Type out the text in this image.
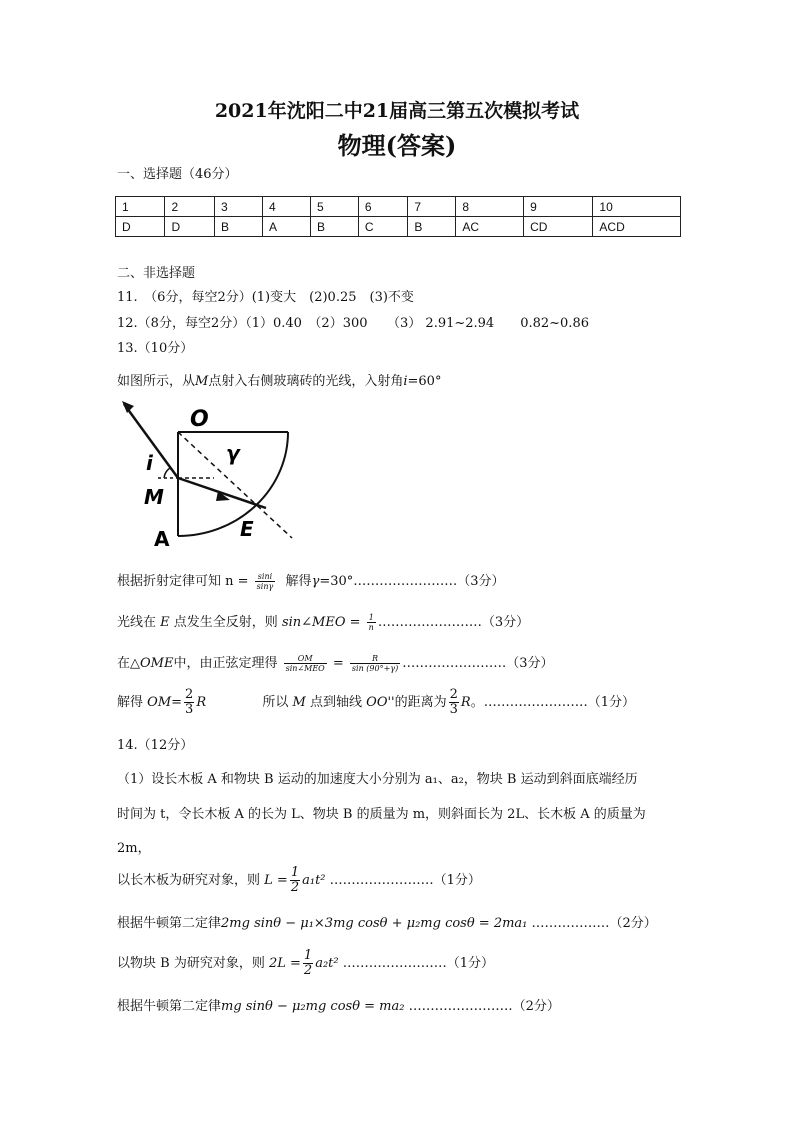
2021年沈阳二中21届高三第五次模拟考试
物理(答案)
一、选择题（46分）
1	2	3	4	5	6	7	8	9	10
D	D	B	A	B	C	B	AC	CD	ACD
二、非选择题
11.　（6分，每空2分）(1)变大　(2)0.25　(3)不变
12.（8分，每空2分）（1）0.40　（2）300　　（3） 2.91~2.94　　0.82~0.86
13.（10分）
如图所示，从M点射入右侧玻璃砖的光线，入射角i=60°
O
i	γ
M
E
A
根据折射定律可知 $n = \frac{\sin i}{\sin\gamma}$ 解得γ=30°……………………（3分）
光线在 E 点发生全反射，则 sin∠MEO = $\frac{1}{n}$ ……………………（3分）
在△OME中，由正弦定理得 $\frac{OM}{\text{sin∠MEO}} = \frac{R}{\sin (90^\circ+\gamma)}$ ……………………（3分）
解得 $OM= \frac{2}{3}$ R	所以 M 点到轴线 OO''的距离为 $\frac{2}{3}$ R。……………………（1分）
14.（12分）
（1）设长木板 A 和物块 B 运动的加速度大小分别为 a₁、a₂，物块 B 运动到斜面底端经历
时间为 t，令长木板 A 的长为 L、物块 B 的质量为 m，则斜面长为 2L、长木板 A 的质量为
2m，
以长木板为研究对象，则 $L = \frac{1}{2} a_1t^2$ ……………………（1分）
根据牛顿第二定律2mg sinθ − μ₁×3mg cosθ + μ₂mg cosθ = 2ma₁ ………………（2分）
以物块 B 为研究对象，则 $2L = \frac{1}{2} a_2t^2$ ……………………（1分）
根据牛顿第二定律mg sinθ − μ₂mg cosθ = ma₂ ……………………（2分）
